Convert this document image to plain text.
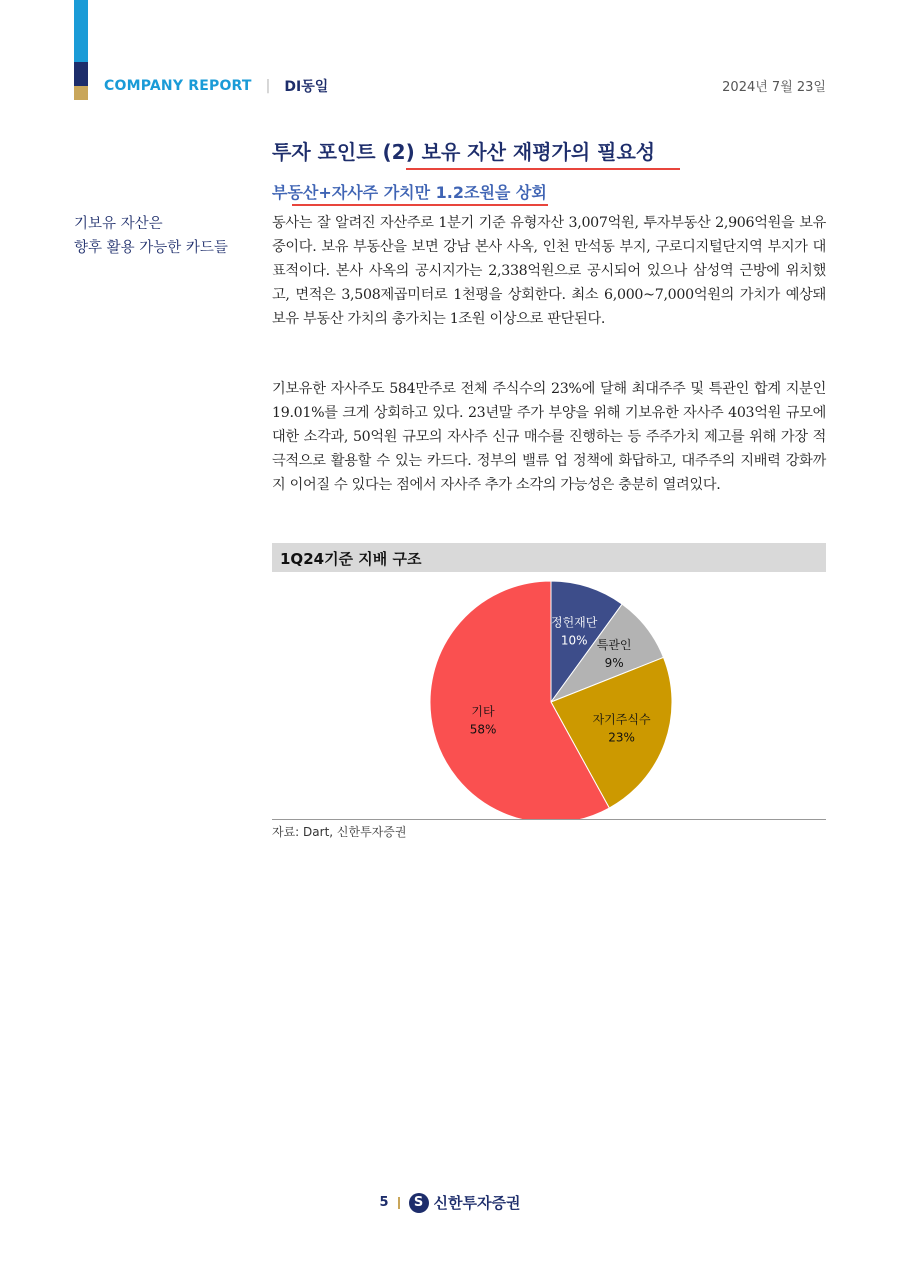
COMPANY REPORT | DI동일	2024년 7월 23일
투자 포인트 (2) 보유 자산 재평가의 필요성
부동산+자사주 가치만 1.2조원을 상회
기보유 자산은
향후 활용 가능한 카드들

동사는 잘 알려진 자산주로 1분기 기준 유형자산 3,007억원, 투자부동산 2,906억원을 보유 중이다. 보유 부동산을 보면 강남 본사 사옥, 인천 만석동 부지, 구로디지털단지역 부지가 대표적이다. 본사 사옥의 공시지가는 2,338억원으로 공시되어 있으나 삼성역 근방에 위치했고, 면적은 3,508제곱미터로 1천평을 상회한다. 최소 6,000~7,000억원의 가치가 예상돼 보유 부동산 가치의 총가치는 1조원 이상으로 판단된다.

기보유한 자사주도 584만주로 전체 주식수의 23%에 달해 최대주주 및 특관인 합계 지분인 19.01%를 크게 상회하고 있다. 23년말 주가 부양을 위해 기보유한 자사주 403억원 규모에 대한 소각과, 50억원 규모의 자사주 신규 매수를 진행하는 등 주주가치 제고를 위해 가장 적극적으로 활용할 수 있는 카드다. 정부의 밸류 업 정책에 화답하고, 대주주의 지배력 강화까지 이어질 수 있다는 점에서 자사주 추가 소각의 가능성은 충분히 열려있다.

1Q24기준 지배 구조
정헌재단
10% 특관인
9%
자기주식수
23%
기타
58%
자료: Dart, 신한투자증권
5	S 신한투자증권
